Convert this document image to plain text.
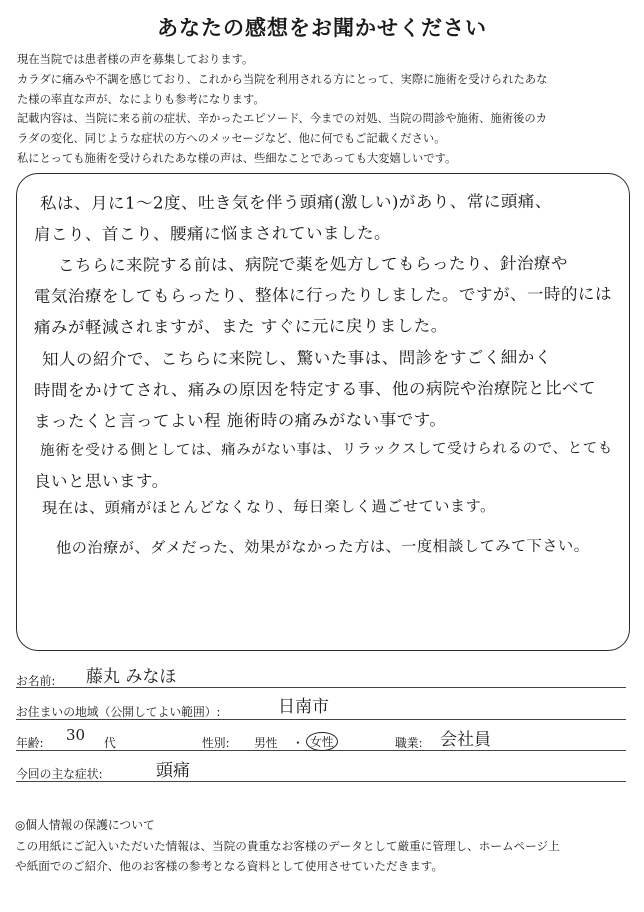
あなたの感想をお聞かせください
現在当院では患者様の声を募集しております。
カラダに痛みや不調を感じており、これから当院を利用される方にとって、実際に施術を受けられたあな
た様の率直な声が、なによりも参考になります。
記載内容は、当院に来る前の症状、辛かったエピソード、今までの対処、当院の問診や施術、施術後のカ
ラダの変化、同じような症状の方へのメッセージなど、他に何でもご記載ください。
私にとっても施術を受けられたあな様の声は、些細なことであっても大変嬉しいです。
私は、月に1〜2度、吐き気を伴う頭痛(激しい)があり、常に頭痛、
肩こり、首こり、腰痛に悩まされていました。
こちらに来院する前は、病院で薬を処方してもらったり、針治療や
電気治療をしてもらったり、整体に行ったりしました。ですが、一時的には
痛みが軽減されますが、また すぐに元に戻りました。
知人の紹介で、こちらに来院し、驚いた事は、問診をすごく細かく
時間をかけてされ、痛みの原因を特定する事、他の病院や治療院と比べて
まったくと言ってよい程 施術時の痛みがない事です。
施術を受ける側としては、痛みがない事は、リラックスして受けられるので、とても
良いと思います。
現在は、頭痛がほとんどなくなり、毎日楽しく過ごせています。
他の治療が、ダメだった、効果がなかった方は、一度相談してみて下さい。
お名前: 藤丸 みなほ
お住まいの地域（公開してよい範囲）:	日南市
年齢: 30 代	性別: 男性 ・ 女性	職業: 会社員
今回の主な症状:	頭痛
◎個人情報の保護について
この用紙にご記入いただいた情報は、当院の貴重なお客様のデータとして厳重に管理し、ホームページ上
や紙面でのご紹介、他のお客様の参考となる資料として使用させていただきます。
